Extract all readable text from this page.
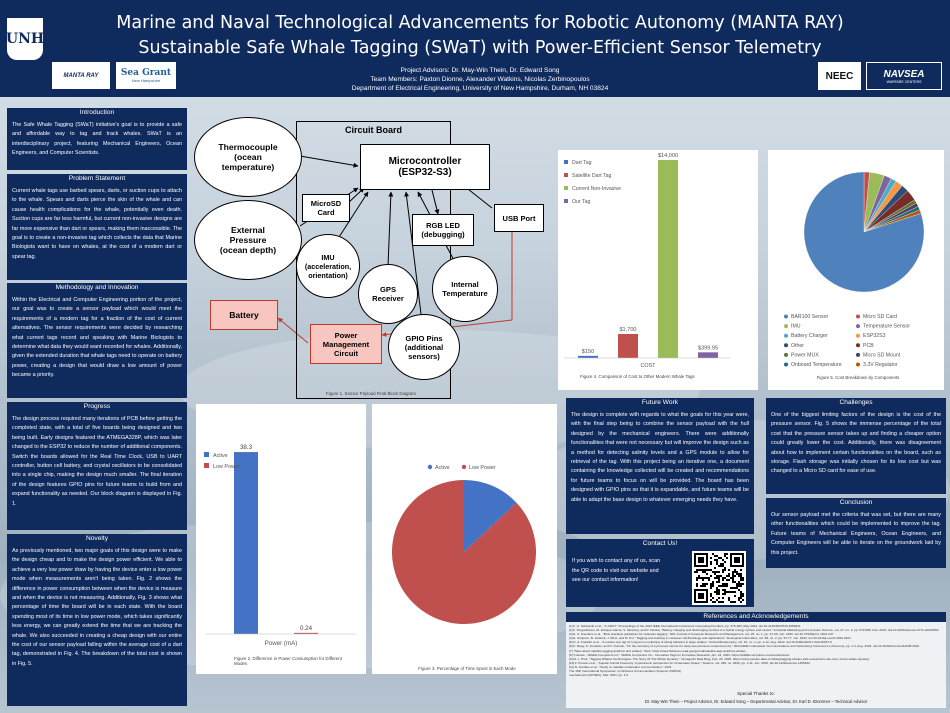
UNH
MANTA RAY Sea Grant
New Hampshire	NEEC	NAVSEA
WARFARE CENTERS
Marine and Naval Technological Advancements for Robotic Autonomy (MANTA RAY)
Sustainable Safe Whale Tagging (SWaT) with Power-Efficient Sensor Telemetry
Project Advisors: Dr. May-Win Thein, Dr. Edward Song
Team Members: Paxton Dionne, Alexander Watkins, Nicolas Zerbinopoulos
Department of Electrical Engineering, University of New Hampshire, Durham, NH 03824
Introduction
The Safe Whale Tagging (SWaT) initiative's goal is to provide a safe and affordable way to tag and track whales. SWaT is an interdisciplinary project, featuring Mechanical Engineers, Ocean Engineers, and Computer Scientists.
Problem Statement
Current whale tags use barbed spears, darts, or suction cups to attach to the whale. Spears and darts pierce the skin of the whale and can cause health complications for the whale, potentially even death. Suction cups are far less harmful, but current non-invasive designs are far more expensive than dart or spears, making them inaccessible. The goal is to create a non-invasive tag which collects the data that Marine Biologists want to have on whales, at the cost of a modern dart or spear tag.
Methodology and Innovation
Within the Electrical and Computer Engineering portion of the project, our goal was to create a sensor payload which would meet the requirements of a modern tag for a fraction of the cost of current alternatives. The sensor requirements were decided by researching what current tags record and speaking with Marine Biologists to determine what data they would want recorded for whales. Additionally, given the extended duration that whale tags need to operate on battery power, creating a design that would draw a low amount of power became a priority.
Progress
The design process required many iterations of PCB before getting the completed state, with a total of five boards being designed and two being built. Early designs featured the ATMEGA328P, which was later changed to the ESP32 to reduce the number of additional components. Switch the boards allowed for the Real Time Clock, USB to UART controller, button cell battery, and crystal oscillators to be consolidated into a single chip, making the design much smaller. The final iteration of the design features GPIO pins for future teams to build from and expand functionality as needed. Our block diagram is displayed in Fig. 1.
Novelty
As previously mentioned, two major goals of this design were to make the design cheap and to make the design power efficient. We able to achieve a very low power draw by having the device enter a low power mode when measurements aren't being taken. Fig. 2 shows the difference in power consumption between when the device is measure and when the device is not measuring. Additionally, Fig. 3 shows what percentage of time the board will be in each state. With the board spending most of its time in low power mode, which takes significantly less energy, we can greatly extend the time that we are tracking the whale. We also succeeded in creating a cheap design with our entire the cost of our sensor payload falling within the average cost of a dart tag, demonstrated in Fig. 4. The breakdown of the total cost is shown in Fig. 5.
Circuit Board
Microcontroller
(ESP32-S3)
Thermocouple
(ocean
temperature)
External
Pressure
(ocean depth)
MicroSD
Card
RGB LED
(debugging)
USB Port
IMU
(acceleration,
orientation)
GPS
Receiver
Internal
Temperature
GPIO Pins
(additional
sensors)
Power
Management
Circuit
Battery
Figure 1. Sensor Payload Final Block Diagram
Dart Tag
$150
Satellite Dart Tag
$1,700
Current Non-Invasive
$14,000
Our Tag
$399.95
COST
Figure 4. Comparison of Cost to Other Modern Whale Tags
BAR100 Sensor	Micro SD Card
IMU	Temperature Sensor
Battery Charger	ESP32S3
Other	PCB
Power MUX	Micro SD Mount
Onboard Temperature	3.3V Regulator
Figure 5. Cost Breakdown by Components
Active
38.3
Low Power
0.24
Power (mA)
Figure 2. Difference in Power Consumption for Different Modes
Active	Low Power
Figure 3. Percentage of Time Spent in Each Mode
Future Work
The design is complete with regards to what the goals for this year were, with the final step being to combine the sensor payload with the hull designed by the mechanical engineers. There were additionally functionalities that were not necessary but will improve the design such as a method for detecting salinity levels and a GPS module to allow for retrieval of the tag. With this project being an iterative one, a document containing the knowledge collected will be created and recommendations for future teams to focus on will be provided. The board has been designed with GPIO pins so that it is expandable, and future teams will be able to adapt the base design to whatever emerging needs they have.
Challenges
One of the biggest limiting factors of the design is the cost of the pressure sensor. Fig. 5 shows the immense percentage of the total cost that the pressure sensor takes up and finding a cheaper option could greatly lower the cost. Additionally, there was disagreement about how to implement certain functionalities on the board, such as storage. Flash storage was initially chosen for its low cost but was changed to a Micro SD card for ease of use.
Conclusion
Our sensor payload met the criteria that was set, but there are many other functionalities which could be implemented to improve the tag. Future teams of Mechanical Engineers, Ocean Engineers, and Computer Engineers will be able to iterate on the groundwork laid by this project.
Contact Us!
If you wish to contact any of us, scan the QR code to visit our website and see our contact information!
References and Acknowledgements
[1] F. G. Schwamb et al., "C-VEST," Proceedings of the 2024 IEEE International Conference Computing Frontiers, pp. 376-383, May 2024, doi:10.1145/3637543.3654821
[2] F. Pergantianos, M. Enrique Garcia, S. Murphey, and P. Velicka, "Battery charging and discharging method of a hybrid energy system and vessel," Industrial Marketing and Computer Science, vol. 27, no. 2, pp. 579-586, Feb. 2023, doi:10.1109/eSecure.0711.e0001560
[3] E. Z. Koenikov et al., "Best practices guidelines for cetacean tagging," IWC Journal of Cetacean Research and Management, vol. 25, no. 1, pp. 27-60, Jun. 2020. doi:10.47536/jcrm.v20i1.237
[4] E. Simpson, B. Vedlock, J. Ricci, and M. Pol, "Tagging and tracking in cetacean: Methodology and applications," Ecological Informatics, vol. 89, no. 2, pp. 57-77, Jun. 2022. doi:10.1016/j.ecoinf.2022.0101
[5] G. A. Franklin et al., "A suction-cup tag for long-term monitoring of diving behavior in large whales," Animal Biotelemetry, vol. 10, no. 1, pp. 1-12, Aug. 2022. doi:10.1186/s40317-022-00297-9
[6] K. Reay, S. Goodwin, and D. Duncan, "On the accuracy of a pressure sensor for deep-sea pressure measurements," 2024 IEEE Underwater Communications and Networking Conference (UComms), pp. 1-4, Aug. 2024. doi:10.1109/UComms61938.2024
[7] "Tales about satellite tagging dolphins and whales," Web: https://www.fisheries.noaa.gov/journal/satellite-tags-dolphins-whales
[8] "Literate - Wildlife Computers Inc," Wildlife Computers Inc - Innovative Tags for Innovative Research, Apr. 24, 2024. https://wildlifecomputers.com/us-literature/
[9] M. L. Prior, "Tagging Whales Technologies: The Story Of The Whole Dynasty," Yamaguchi Data Blog, Feb. 25, 2025. https://www.yamato-data.com/blog/tagging-whales-tells-researchers-the-story-of-the-whale-dynasty/
[10] F. Proano et al., "Aquatic Animal Telemetry: A panoramic perspective for Underwater Space," Science, vol. 348, no. 6240, pp. 1-11, Jun. 2015, doi:10.1126/science.1255642
[11] N. Fenlake et al., "Study on satellite underwater communication," 2024
The 16th International Symposium on Wireless Communication Systems (ISWCS)
mechatronics (MTNEC), Mar. 2021, pp. 1-5
Special Thanks to:
Dr. May-Win Thein – Project Advisor, Dr. Edward Song – Departmental Advisor, Dr. Karl D. Brommer – Technical Advisor
